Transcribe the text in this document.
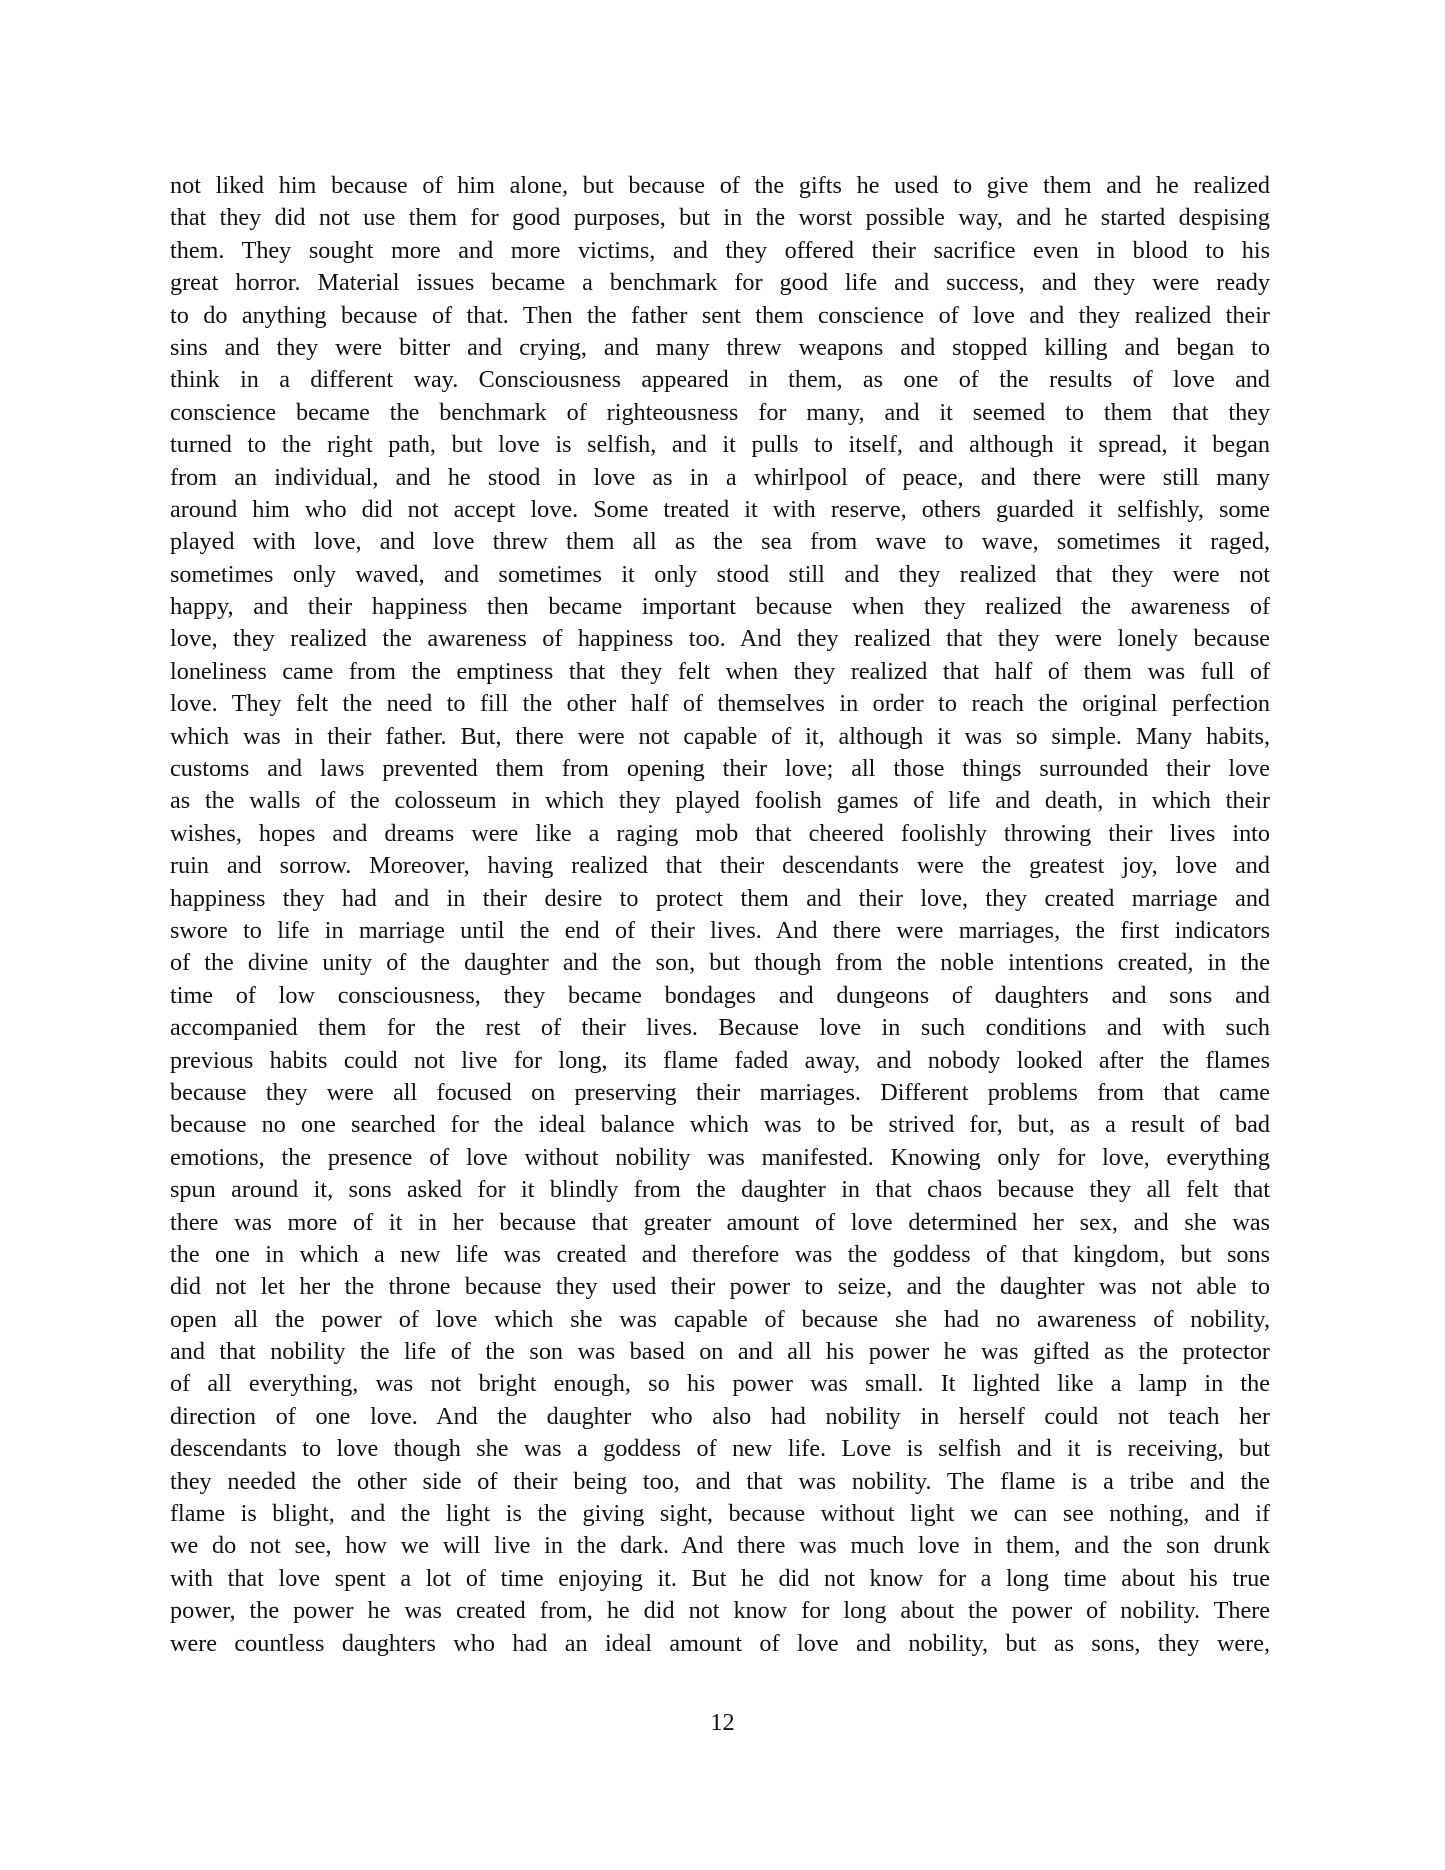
not liked him because of him alone, but because of the gifts he used to give them and he realized
that they did not use them for good purposes, but in the worst possible way, and he started despising
them. They sought more and more victims, and they offered their sacrifice even in blood to his
great horror. Material issues became a benchmark for good life and success, and they were ready
to do anything because of that. Then the father sent them conscience of love and they realized their
sins and they were bitter and crying, and many threw weapons and stopped killing and began to
think in a different way. Consciousness appeared in them, as one of the results of love and
conscience became the benchmark of righteousness for many, and it seemed to them that they
turned to the right path, but love is selfish, and it pulls to itself, and although it spread, it began
from an individual, and he stood in love as in a whirlpool of peace, and there were still many
around him who did not accept love. Some treated it with reserve, others guarded it selfishly, some
played with love, and love threw them all as the sea from wave to wave, sometimes it raged,
sometimes only waved, and sometimes it only stood still and they realized that they were not
happy, and their happiness then became important because when they realized the awareness of
love, they realized the awareness of happiness too. And they realized that they were lonely because
loneliness came from the emptiness that they felt when they realized that half of them was full of
love. They felt the need to fill the other half of themselves in order to reach the original perfection
which was in their father. But, there were not capable of it, although it was so simple. Many habits,
customs and laws prevented them from opening their love; all those things surrounded their love
as the walls of the colosseum in which they played foolish games of life and death, in which their
wishes, hopes and dreams were like a raging mob that cheered foolishly throwing their lives into
ruin and sorrow. Moreover, having realized that their descendants were the greatest joy, love and
happiness they had and in their desire to protect them and their love, they created marriage and
swore to life in marriage until the end of their lives. And there were marriages, the first indicators
of the divine unity of the daughter and the son, but though from the noble intentions created, in the
time of low consciousness, they became bondages and dungeons of daughters and sons and
accompanied them for the rest of their lives. Because love in such conditions and with such
previous habits could not live for long, its flame faded away, and nobody looked after the flames
because they were all focused on preserving their marriages. Different problems from that came
because no one searched for the ideal balance which was to be strived for, but, as a result of bad
emotions, the presence of love without nobility was manifested. Knowing only for love, everything
spun around it, sons asked for it blindly from the daughter in that chaos because they all felt that
there was more of it in her because that greater amount of love determined her sex, and she was
the one in which a new life was created and therefore was the goddess of that kingdom, but sons
did not let her the throne because they used their power to seize, and the daughter was not able to
open all the power of love which she was capable of because she had no awareness of nobility,
and that nobility the life of the son was based on and all his power he was gifted as the protector
of all everything, was not bright enough, so his power was small. It lighted like a lamp in the
direction of one love. And the daughter who also had nobility in herself could not teach her
descendants to love though she was a goddess of new life. Love is selfish and it is receiving, but
they needed the other side of their being too, and that was nobility. The flame is a tribe and the
flame is blight, and the light is the giving sight, because without light we can see nothing, and if
we do not see, how we will live in the dark. And there was much love in them, and the son drunk
with that love spent a lot of time enjoying it. But he did not know for a long time about his true
power, the power he was created from, he did not know for long about the power of nobility. There
were countless daughters who had an ideal amount of love and nobility, but as sons, they were,
12
